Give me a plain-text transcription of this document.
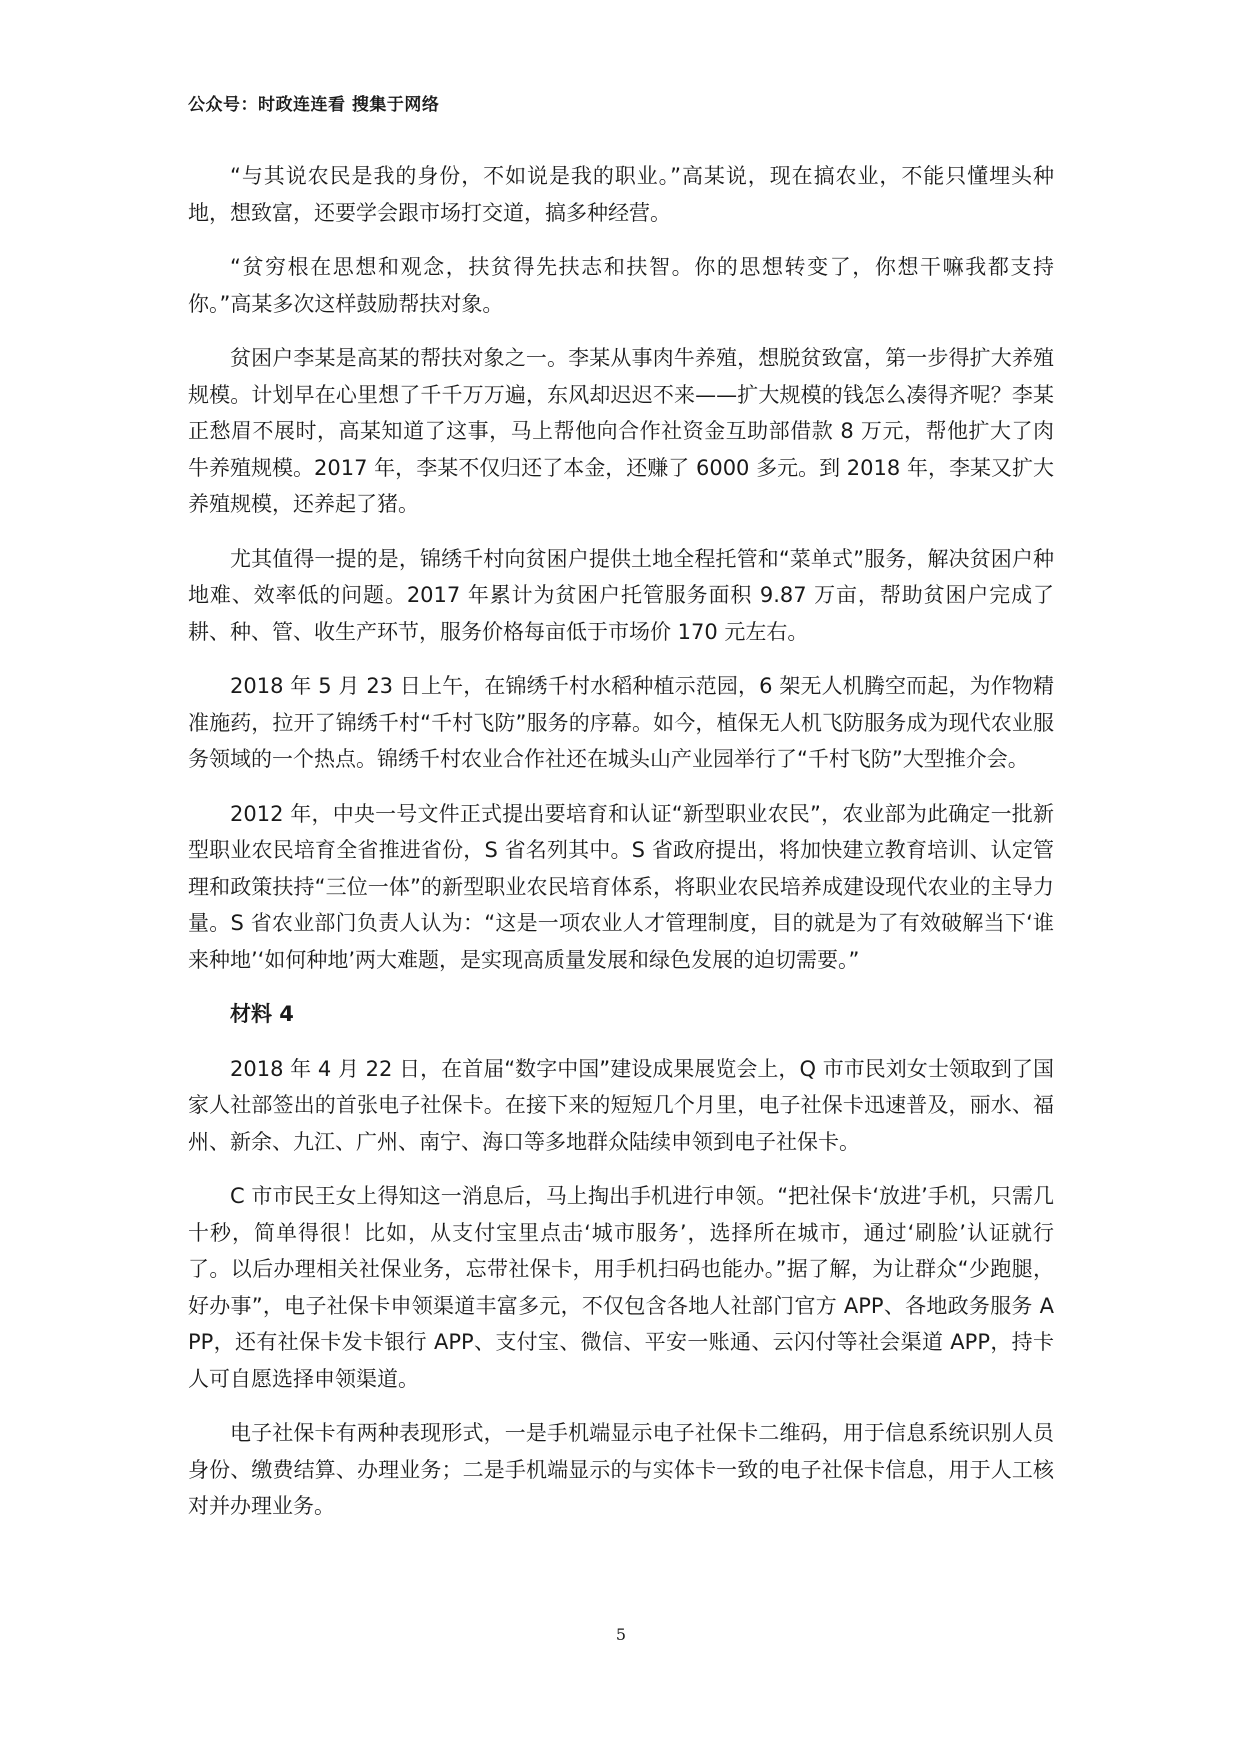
公众号：时政连连看 搜集于网络

“与其说农民是我的身份，不如说是我的职业。”高某说，现在搞农业，不能只懂埋头种地，想致富，还要学会跟市场打交道，搞多种经营。

“贫穷根在思想和观念，扶贫得先扶志和扶智。你的思想转变了，你想干嘛我都支持你。”高某多次这样鼓励帮扶对象。

贫困户李某是高某的帮扶对象之一。李某从事肉牛养殖，想脱贫致富，第一步得扩大养殖规模。计划早在心里想了千千万万遍，东风却迟迟不来——扩大规模的钱怎么凑得齐呢？李某正愁眉不展时，高某知道了这事，马上帮他向合作社资金互助部借款 8 万元，帮他扩大了肉牛养殖规模。2017 年，李某不仅归还了本金，还赚了 6000 多元。到 2018 年，李某又扩大养殖规模，还养起了猪。

尤其值得一提的是，锦绣千村向贫困户提供土地全程托管和“菜单式”服务，解决贫困户种地难、效率低的问题。2017 年累计为贫困户托管服务面积 9.87 万亩，帮助贫困户完成了耕、种、管、收生产环节，服务价格每亩低于市场价 170 元左右。

2018 年 5 月 23 日上午，在锦绣千村水稻种植示范园，6 架无人机腾空而起，为作物精准施药，拉开了锦绣千村“千村飞防”服务的序幕。如今，植保无人机飞防服务成为现代农业服务领域的一个热点。锦绣千村农业合作社还在城头山产业园举行了“千村飞防”大型推介会。

2012 年，中央一号文件正式提出要培育和认证“新型职业农民”，农业部为此确定一批新型职业农民培育全省推进省份，S 省名列其中。S 省政府提出，将加快建立教育培训、认定管理和政策扶持“三位一体”的新型职业农民培育体系，将职业农民培养成建设现代农业的主导力量。S 省农业部门负责人认为：“这是一项农业人才管理制度，目的就是为了有效破解当下‘谁来种地’‘如何种地’两大难题，是实现高质量发展和绿色发展的迫切需要。”

材料 4

2018 年 4 月 22 日，在首届“数字中国”建设成果展览会上，Q 市市民刘女士领取到了国家人社部签出的首张电子社保卡。在接下来的短短几个月里，电子社保卡迅速普及，丽水、福州、新余、九江、广州、南宁、海口等多地群众陆续申领到电子社保卡。

C 市市民王女上得知这一消息后，马上掏出手机进行申领。“把社保卡‘放进’手机，只需几十秒，简单得很！比如，从支付宝里点击‘城市服务’，选择所在城市，通过‘刷脸’认证就行了。以后办理相关社保业务，忘带社保卡，用手机扫码也能办。”据了解，为让群众“少跑腿，好办事”，电子社保卡申领渠道丰富多元，不仅包含各地人社部门官方 APP、各地政务服务 APP，还有社保卡发卡银行 APP、支付宝、微信、平安一账通、云闪付等社会渠道 APP，持卡人可自愿选择申领渠道。

电子社保卡有两种表现形式，一是手机端显示电子社保卡二维码，用于信息系统识别人员身份、缴费结算、办理业务；二是手机端显示的与实体卡一致的电子社保卡信息，用于人工核对并办理业务。

5
